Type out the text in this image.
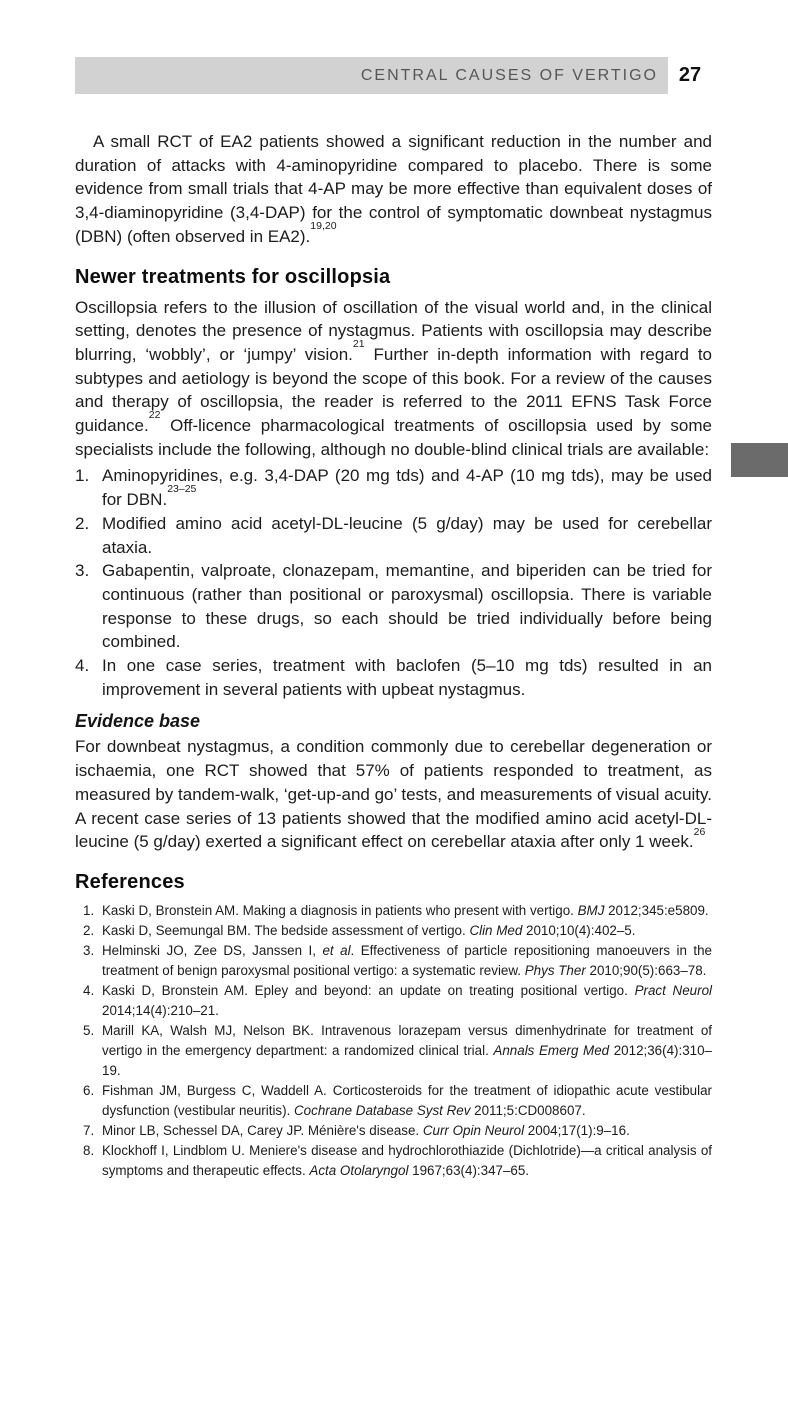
CENTRAL CAUSES OF VERTIGO	27

A small RCT of EA2 patients showed a significant reduction in the number and duration of attacks with 4-aminopyridine compared to placebo. There is some evidence from small trials that 4-AP may be more effective than equivalent doses of 3,4-diaminopyridine (3,4-DAP) for the control of symptomatic downbeat nystagmus (DBN) (often observed in EA2).$^{19,20}$

Newer treatments for oscillopsia

Oscillopsia refers to the illusion of oscillation of the visual world and, in the clinical setting, denotes the presence of nystagmus. Patients with oscillopsia may describe blurring, ‘wobbly’, or ‘jumpy’ vision.$^{21}$ Further in-depth information with regard to subtypes and aetiology is beyond the scope of this book. For a review of the causes and therapy of oscillopsia, the reader is referred to the 2011 EFNS Task Force guidance.$^{22}$ Off-licence pharmacological treatments of oscillopsia used by some specialists include the following, although no double-blind clinical trials are available:

1. Aminopyridines, e.g. 3,4-DAP (20 mg tds) and 4-AP (10 mg tds), may be used for DBN.$^{23-25}$
2. Modified amino acid acetyl-DL-leucine (5 g/day) may be used for cerebellar ataxia.
3. Gabapentin, valproate, clonazepam, memantine, and biperiden can be tried for continuous (rather than positional or paroxysmal) oscillopsia. There is variable response to these drugs, so each should be tried individually before being combined.
4. In one case series, treatment with baclofen (5–10 mg tds) resulted in an improvement in several patients with upbeat nystagmus.
Evidence base

For downbeat nystagmus, a condition commonly due to cerebellar degeneration or ischaemia, one RCT showed that 57% of patients responded to treatment, as measured by tandem-walk, ‘get-up-and go’ tests, and measurements of visual acuity. A recent case series of 13 patients showed that the modified amino acid acetyl-DL-leucine (5 g/day) exerted a significant effect on cerebellar ataxia after only 1 week.$^{26}$

References
1. Kaski D, Bronstein AM. Making a diagnosis in patients who present with vertigo. BMJ 2012;345:e5809.
2. Kaski D, Seemungal BM. The bedside assessment of vertigo. Clin Med 2010;10(4):402–5.
3. Helminski JO, Zee DS, Janssen I, et al. Effectiveness of particle repositioning manoeuvers in the treatment of benign paroxysmal positional vertigo: a systematic review. Phys Ther 2010;90(5):663–78.
4. Kaski D, Bronstein AM. Epley and beyond: an update on treating positional vertigo. Pract Neurol 2014;14(4):210–21.
5. Marill KA, Walsh MJ, Nelson BK. Intravenous lorazepam versus dimenhydrinate for treatment of vertigo in the emergency department: a randomized clinical trial. Annals Emerg Med 2012;36(4):310–19.
6. Fishman JM, Burgess C, Waddell A. Corticosteroids for the treatment of idiopathic acute vestibular dysfunction (vestibular neuritis). Cochrane Database Syst Rev 2011;5:CD008607.
7. Minor LB, Schessel DA, Carey JP. Ménière's disease. Curr Opin Neurol 2004;17(1):9–16.
8. Klockhoff I, Lindblom U. Meniere's disease and hydrochlorothiazide (Dichlotride)—a critical analysis of symptoms and therapeutic effects. Acta Otolaryngol 1967;63(4):347–65.
